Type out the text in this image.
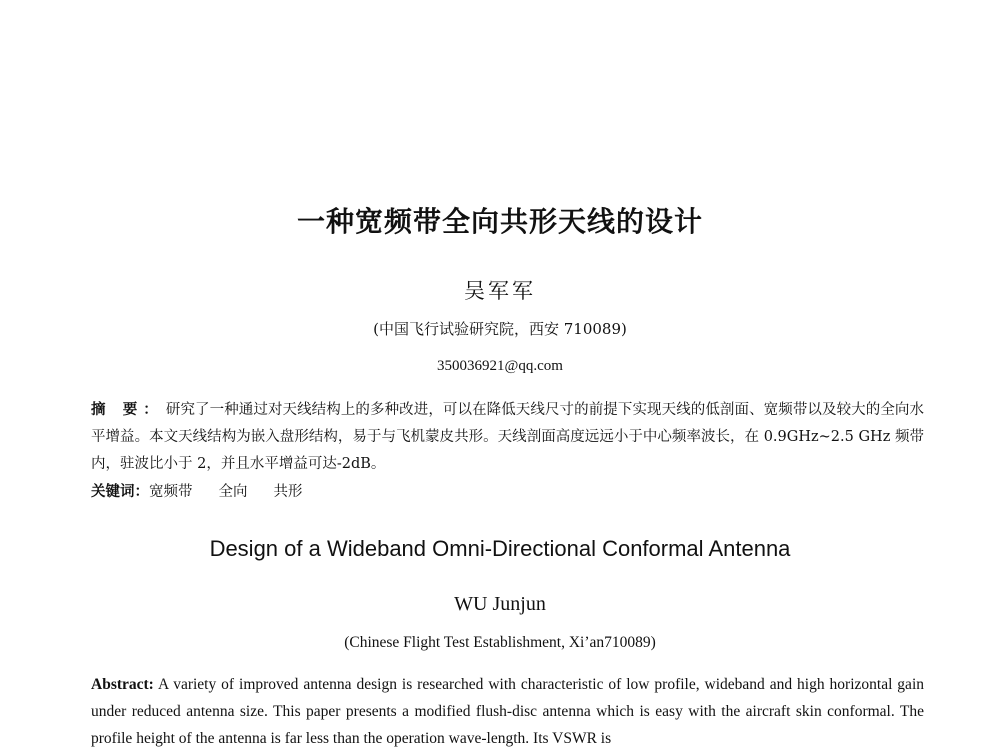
一种宽频带全向共形天线的设计
吴军军
(中国飞行试验研究院，西安 710089)
350036921@qq.com
摘 要： 研究了一种通过对天线结构上的多种改进，可以在降低天线尺寸的前提下实现天线的低剖面、宽频带以及较大的全向水平增益。本文天线结构为嵌入盘形结构，易于与飞机蒙皮共形。天线剖面高度远远小于中心频率波长，在 0.9GHz~2.5 GHz 频带内，驻波比小于 2，并且水平增益可达-2dB。
关键词：宽频带 全向 共形
Design of a Wideband Omni-Directional Conformal Antenna
WU Junjun
(Chinese Flight Test Establishment, Xi’an710089)
Abstract: A variety of improved antenna design is researched with characteristic of low profile, wideband and high horizontal gain under reduced antenna size. This paper presents a modified flush-disc antenna which is easy with the aircraft skin conformal. The profile height of the antenna is far less than the operation wave-length. Its VSWR is
